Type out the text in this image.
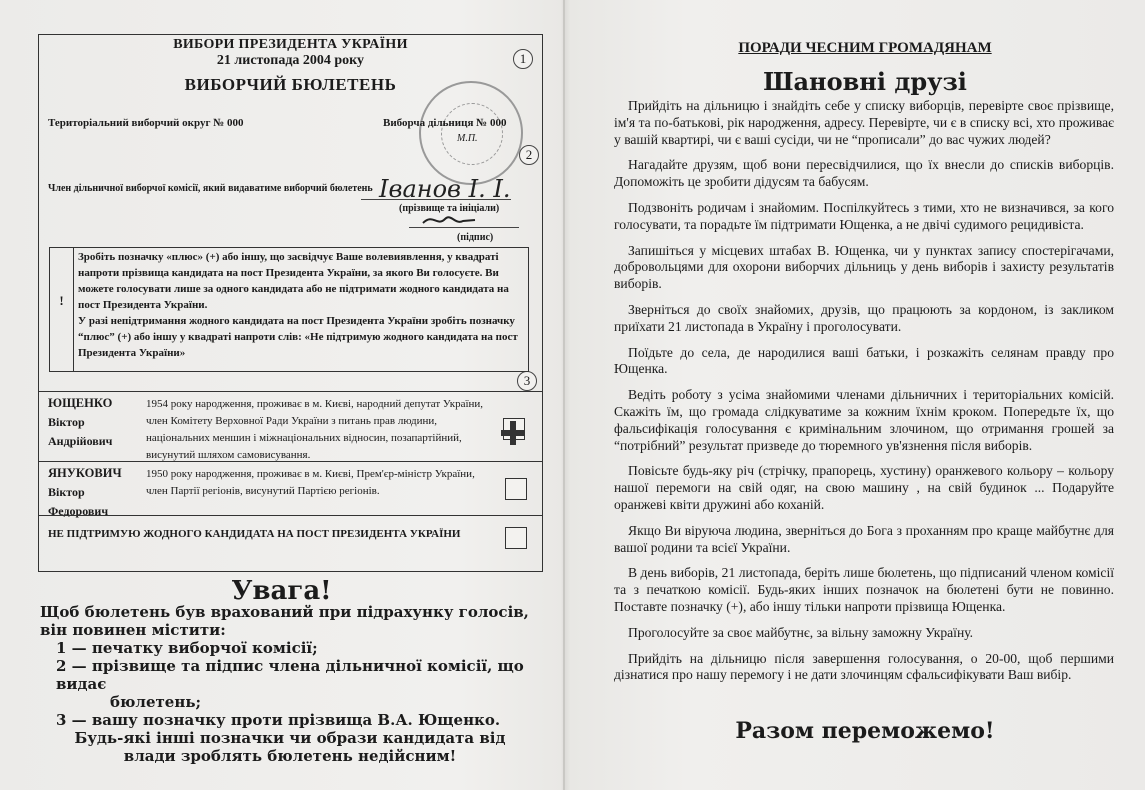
ВИБОРИ ПРЕЗИДЕНТА УКРАЇНИ
21 листопада 2004 року
ВИБОРЧИЙ БЮЛЕТЕНЬ
М.П.
1
2
3
Територіальний виборчий округ № 000	Виборча дільниця № 000
Член дільничної виборчої комісії, який видаватиме виборчий бюлетень Іванов І. І.
(прізвище та ініціали)
(підпис)
!
Зробіть позначку «плюс» (+) або іншу, що засвідчує Ваше волевиявлення, у квадраті напроти прізвища кандидата на пост Президента України, за якого Ви голосуєте. Ви можете голосувати лише за одного кандидата або не підтримати жодного кандидата на пост Президента України.
У разі непідтримання жодного кандидата на пост Президента України зробіть позначку “плюс” (+) або іншу у квадраті напроти слів: «Не підтримую жодного кандидата на пост Президента України»
ЮЩЕНКО
Віктор
Андрійович
1954 року народження, проживає в м. Києві, народний депутат України, член Комітету Верховної Ради України з питань прав людини, національних меншин і міжнаціональних відносин, позапартійний, висунутий шляхом самовисування.
ЯНУКОВИЧ
Віктор
Федорович
1950 року народження, проживає в м. Києві, Прем'єр-міністр України, член Партії регіонів, висунутий Партією регіонів.
НЕ ПІДТРИМУЮ ЖОДНОГО КАНДИДАТА НА ПОСТ ПРЕЗИДЕНТА УКРАЇНИ
Увага!
Щоб бюлетень був врахований при підрахунку голосів, він повинен містити:
1 — печатку виборчої комісії;
2 — прізвище та підпис члена дільничної комісії, що видає
бюлетень;
3 — вашу позначку проти прізвища В.А. Ющенко.
Будь-які інші позначки чи образи кандидата від влади зроблять бюлетень недійсним!
ПОРАДИ ЧЕСНИМ ГРОМАДЯНАМ
Шановні друзі

Прийдіть на дільницю і знайдіть себе у списку виборців, перевірте своє прізвище, ім'я та по-батькові, рік народження, адресу. Перевірте, чи є в списку всі, хто проживає у вашій квартирі, чи є ваші сусіди, чи не “прописали” до вас чужих людей?

Нагадайте друзям, щоб вони пересвідчилися, що їх внесли до списків виборців. Допоможіть це зробити дідусям та бабусям.

Подзвоніть родичам і знайомим. Поспілкуйтесь з тими, хто не визначився, за кого голосувати, та порадьте їм підтримати Ющенка, а не двічі судимого рецидивіста.

Запишіться у місцевих штабах В. Ющенка, чи у пунктах запису спостерігачами, добровольцями для охорони виборчих дільниць у день виборів і захисту результатів виборів.

Зверніться до своїх знайомих, друзів, що працюють за кордоном, із закликом приїхати 21 листопада в Україну і проголосувати.

Поїдьте до села, де народилися ваші батьки, і розкажіть селянам правду про Ющенка.

Ведіть роботу з усіма знайомими членами дільничних і територіальних комісій. Скажіть їм, що громада слідкуватиме за кожним їхнім кроком. Попередьте їх, що фальсифікація голосування є кримінальним злочином, що отримання грошей за “потрібний” результат призведе до тюремного ув'язнення після виборів.

Повісьте будь-яку річ (стрічку, прапорець, хустину) оранжевого кольору – кольору нашої перемоги на свій одяг, на свою машину , на свій будинок ... Подаруйте оранжеві квіти дружині або коханій.

Якщо Ви віруюча людина, зверніться до Бога з проханням про краще майбутнє для вашої родини та всієї України.

В день виборів, 21 листопада, беріть лише бюлетень, що підписаний членом комісії та з печаткою комісії. Будь-яких інших позначок на бюлетені бути не повинно. Поставте позначку (+), або іншу тільки напроти прізвища Ющенка.

Проголосуйте за своє майбутнє, за вільну заможну Україну.

Прийдіть на дільницю після завершення голосування, о 20-00, щоб першими дізнатися про нашу перемогу і не дати злочинцям сфальсифікувати Ваш вибір.

Разом переможемо!
